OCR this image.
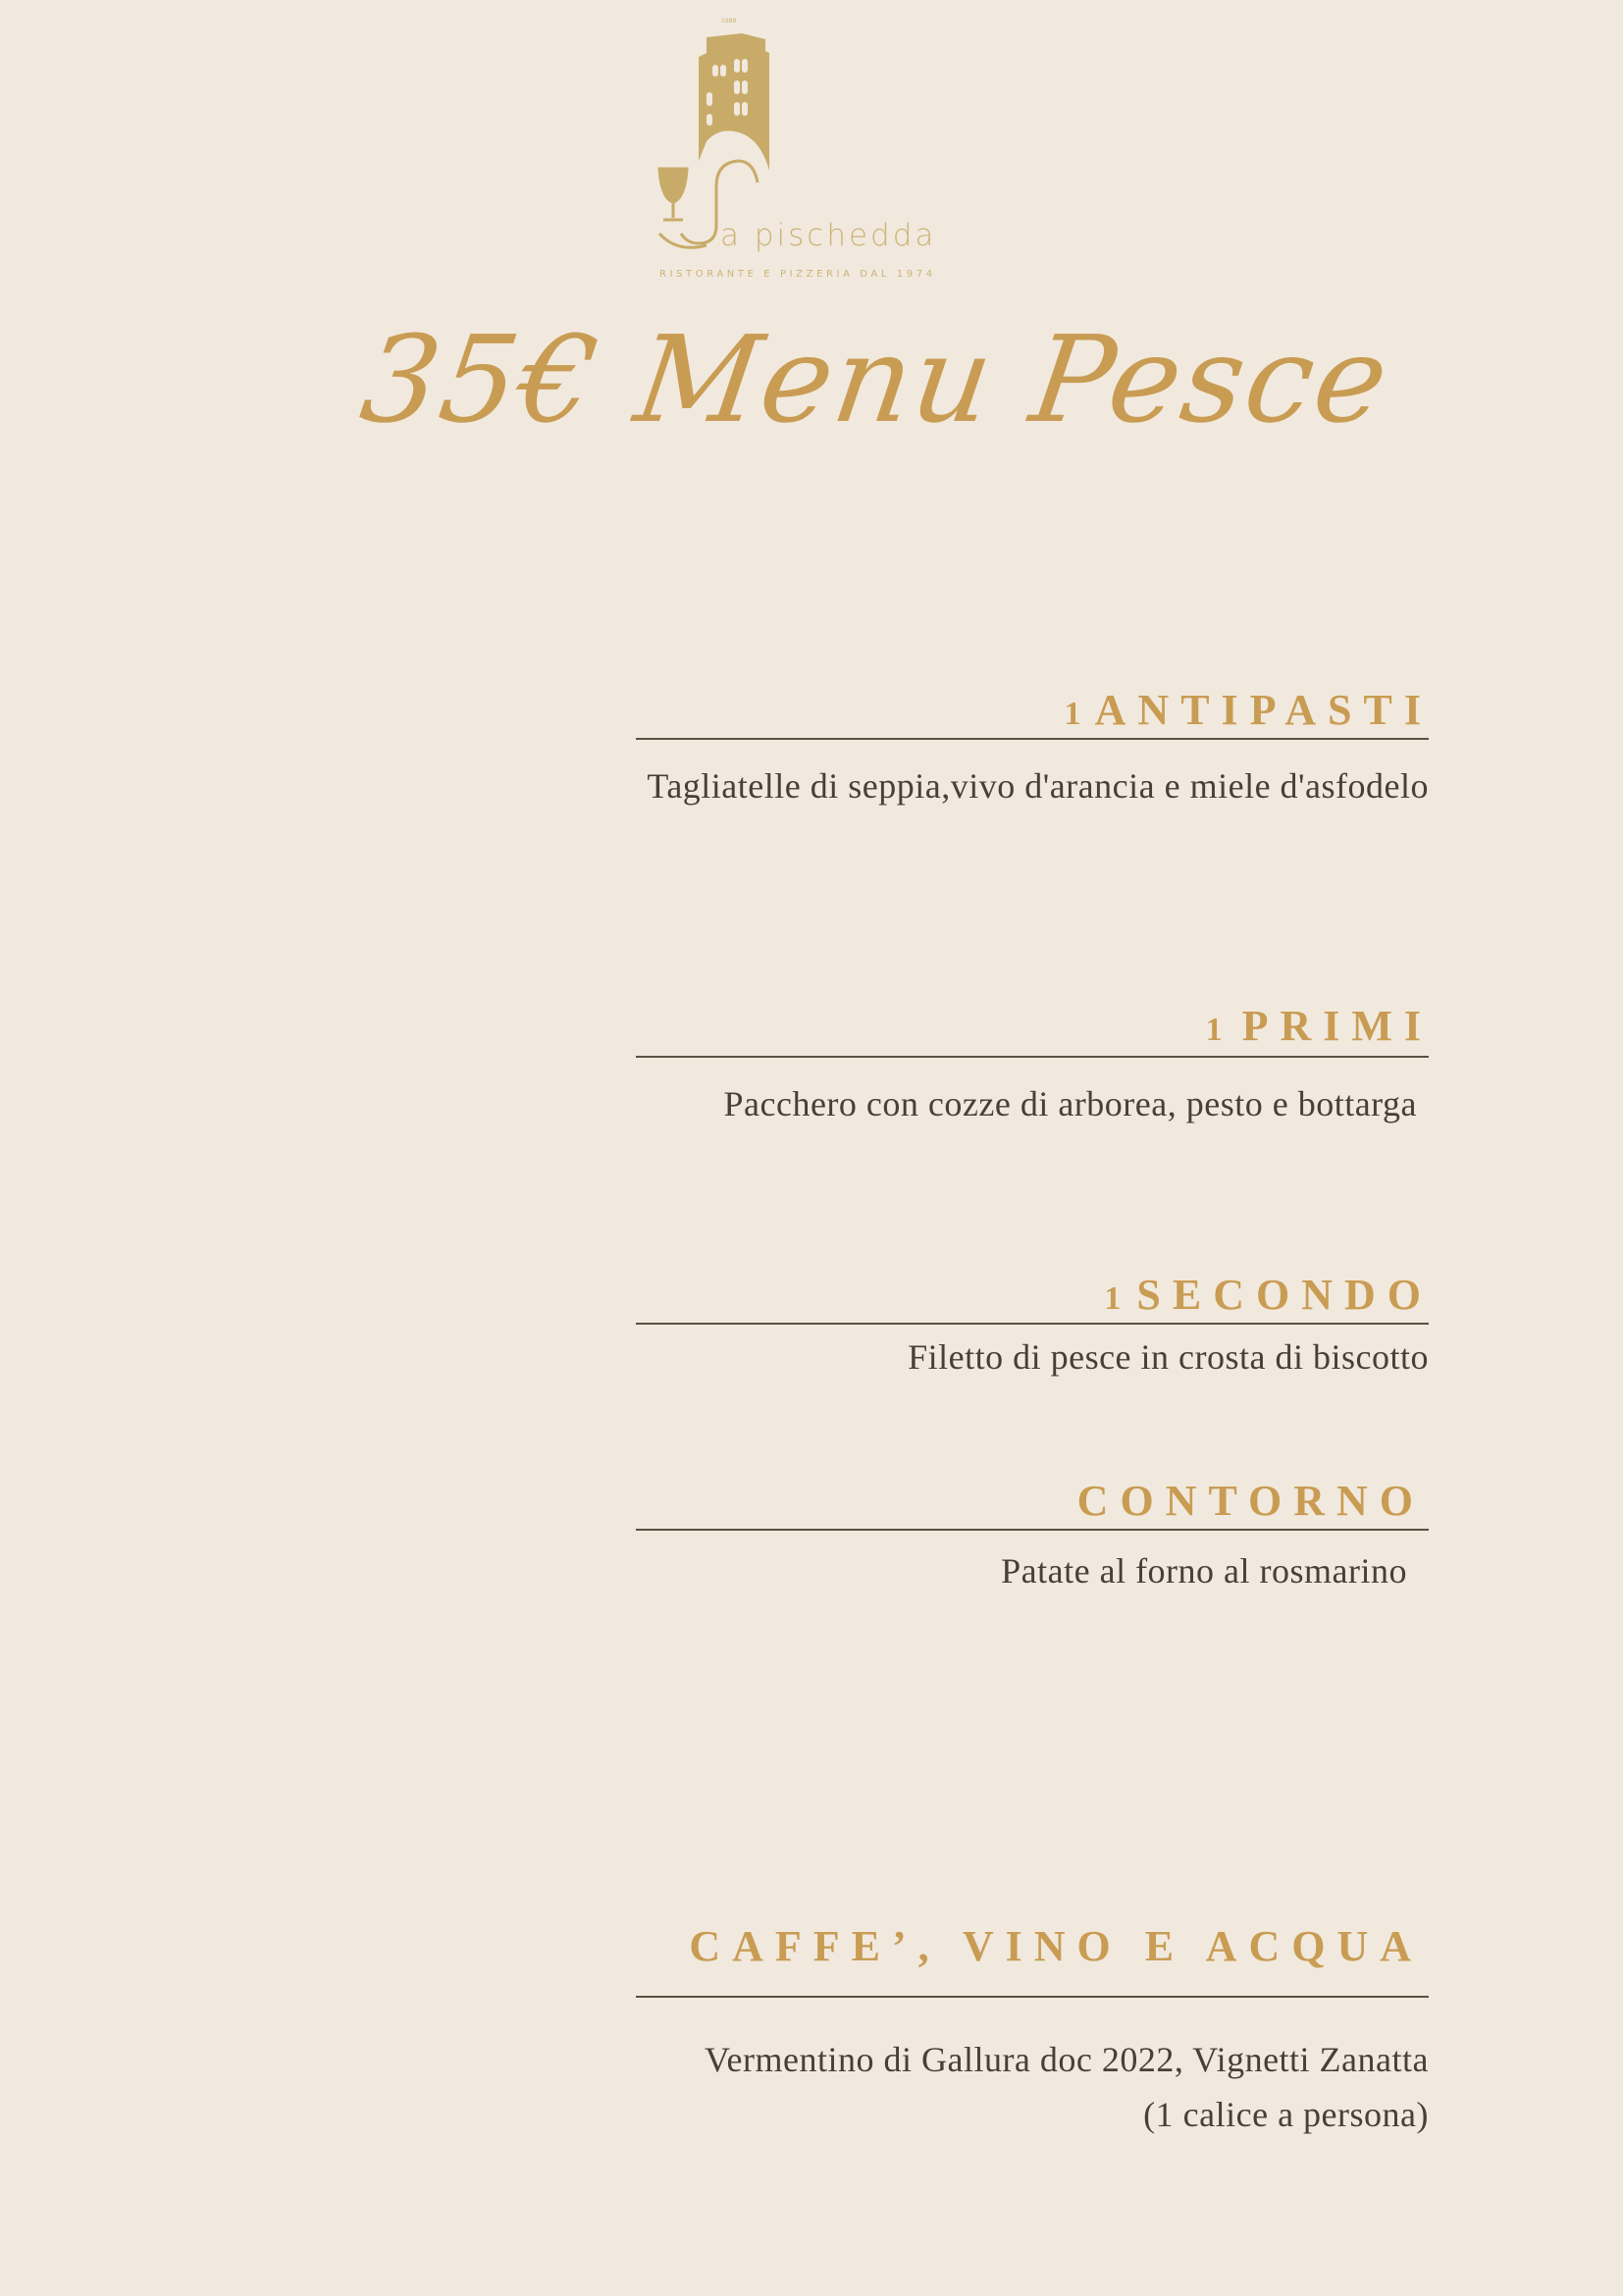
1988
a pischedda
RISTORANTE E PIZZERIA DAL 1974
35€ Menu Pesce
1 ANTIPASTI
Tagliatelle di seppia,vivo d'arancia e miele d'asfodelo
1 PRIMI
Pacchero con cozze di arborea, pesto e bottarga
1 SECONDO
Filetto di pesce in crosta di biscotto
CONTORNO
Patate al forno al rosmarino
CAFFE’, VINO E ACQUA
Vermentino di Gallura doc 2022, Vignetti Zanatta
(1 calice a persona)
